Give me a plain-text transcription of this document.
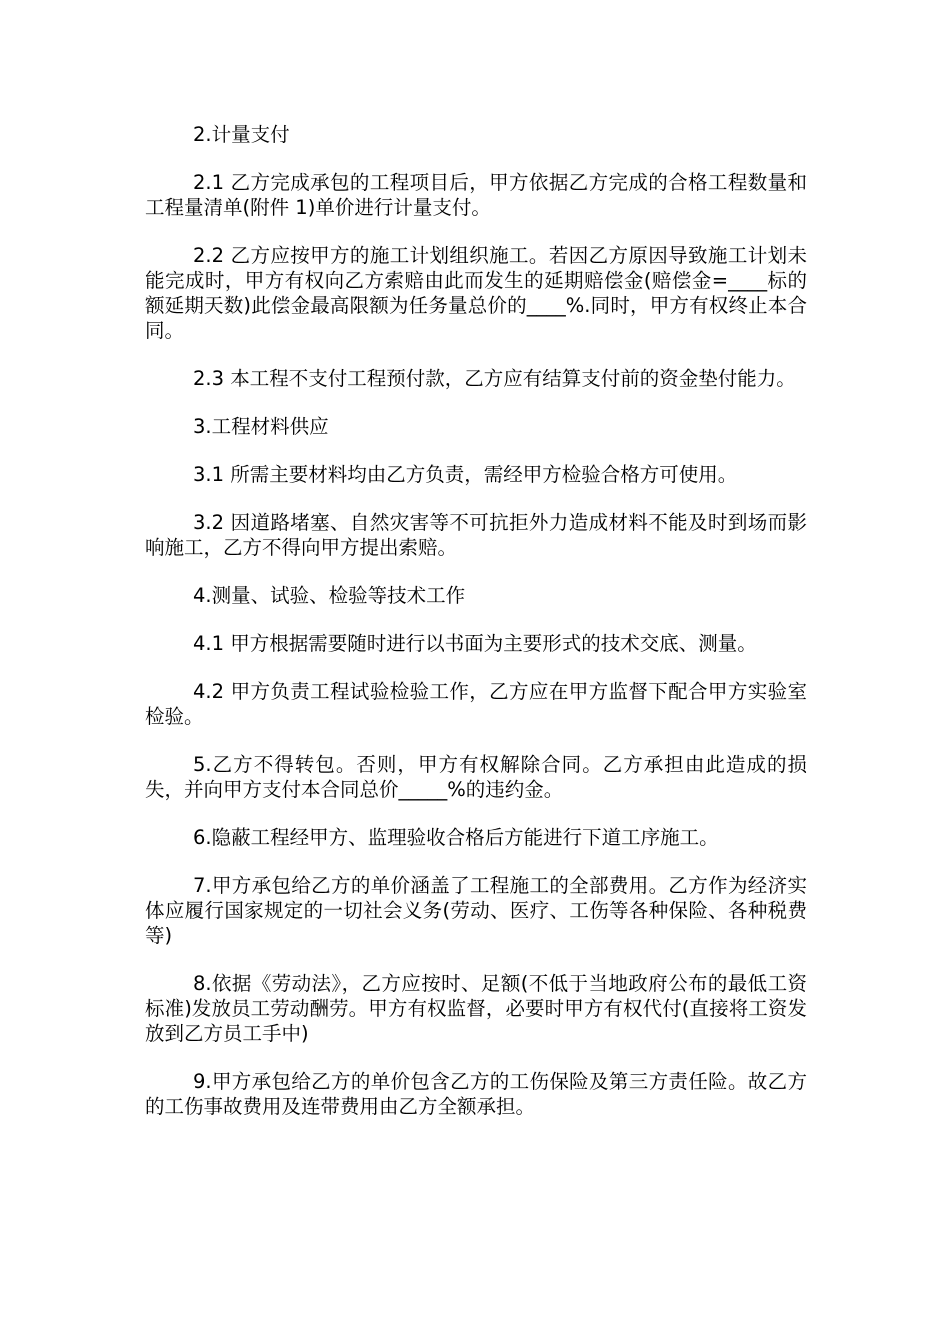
2.计量支付

2.1 乙方完成承包的工程项目后，甲方依据乙方完成的合格工程数量和工程量清单(附件 1)单价进行计量支付。

2.2 乙方应按甲方的施工计划组织施工。若因乙方原因导致施工计划未能完成时，甲方有权向乙方索赔由此而发生的延期赔偿金(赔偿金=____标的额延期天数)此偿金最高限额为任务量总价的____%.同时，甲方有权终止本合同。

2.3 本工程不支付工程预付款，乙方应有结算支付前的资金垫付能力。

3.工程材料供应

3.1 所需主要材料均由乙方负责，需经甲方检验合格方可使用。

3.2 因道路堵塞、自然灾害等不可抗拒外力造成材料不能及时到场而影响施工，乙方不得向甲方提出索赔。

4.测量、试验、检验等技术工作

4.1 甲方根据需要随时进行以书面为主要形式的技术交底、测量。

4.2 甲方负责工程试验检验工作，乙方应在甲方监督下配合甲方实验室检验。

5.乙方不得转包。否则，甲方有权解除合同。乙方承担由此造成的损失，并向甲方支付本合同总价_____%的违约金。

6.隐蔽工程经甲方、监理验收合格后方能进行下道工序施工。

7.甲方承包给乙方的单价涵盖了工程施工的全部费用。乙方作为经济实体应履行国家规定的一切社会义务(劳动、医疗、工伤等各种保险、各种税费等)

8.依据《劳动法》，乙方应按时、足额(不低于当地政府公布的最低工资标准)发放员工劳动酬劳。甲方有权监督，必要时甲方有权代付(直接将工资发放到乙方员工手中)

9.甲方承包给乙方的单价包含乙方的工伤保险及第三方责任险。故乙方的工伤事故费用及连带费用由乙方全额承担。
